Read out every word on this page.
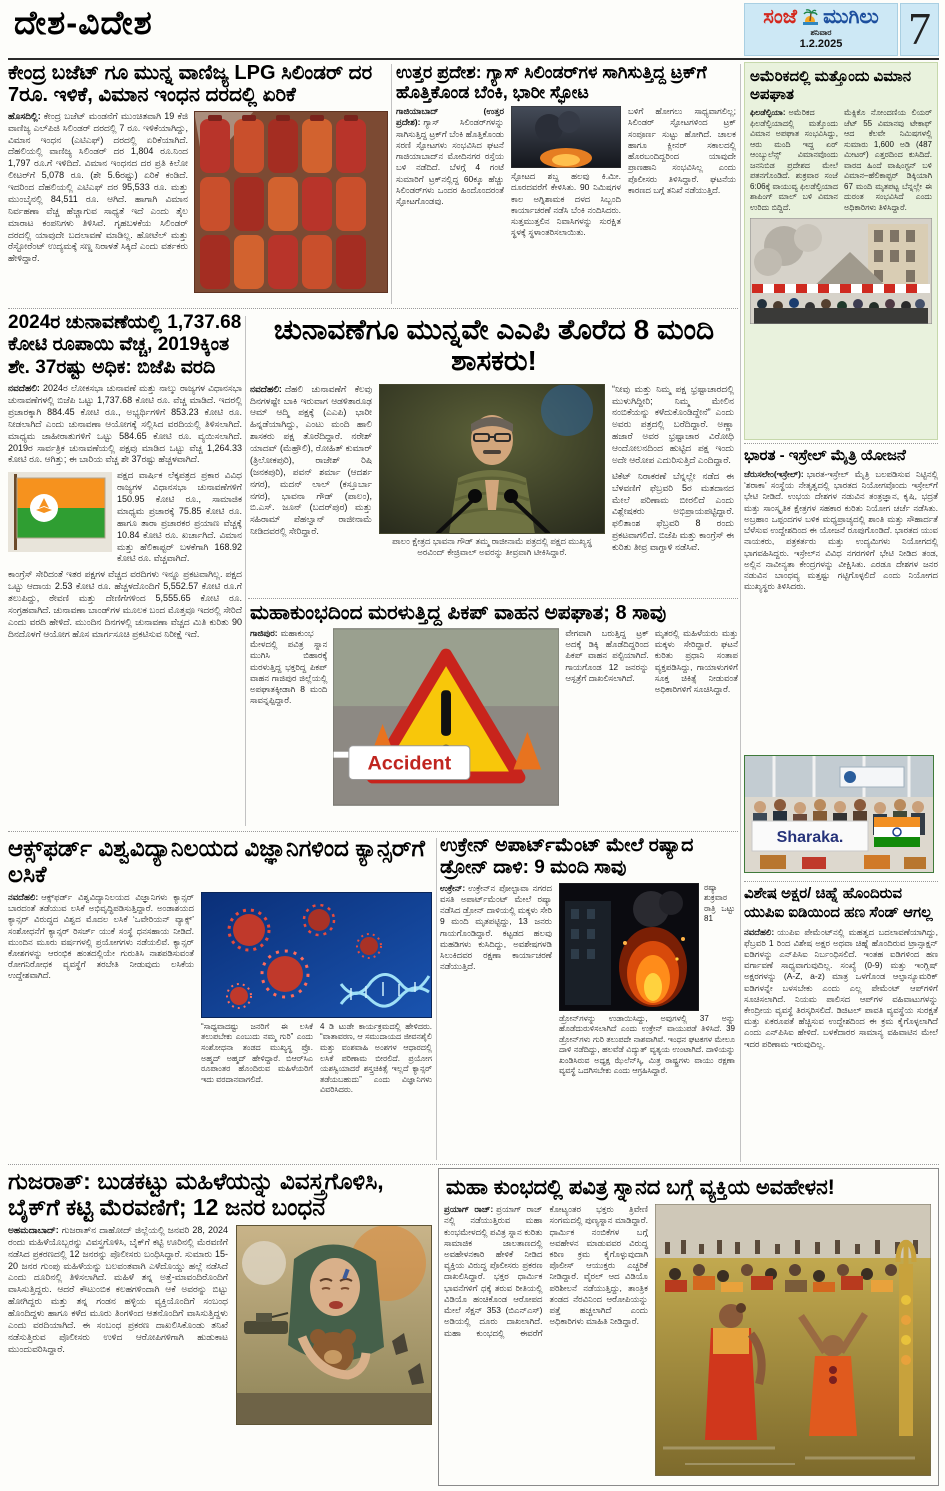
ದೇಶ-ವಿದೇಶ	ಸಂಜೆ ಮುಗಿಲು
ಶನಿವಾರ
1.2.2025	7
ಕೇಂದ್ರ ಬಜೆಟ್ ಗೂ ಮುನ್ನ ವಾಣಿಜ್ಯ LPG ಸಿಲಿಂಡರ್ ದರ 7ರೂ. ಇಳಿಕೆ, ವಿಮಾನ ಇಂಧನ ದರದಲ್ಲಿ ಏರಿಕೆ
ಹೊಸದಿಲ್ಲಿ: ಕೇಂದ್ರ ಬಜೆಟ್ ಮಂಡನೆಗೆ ಮುಂಚಿತವಾಗಿ 19 ಕೆಜಿ ವಾಣಿಜ್ಯ ಎಲ್‌ಪಿಜಿ ಸಿಲಿಂಡರ್ ದರದಲ್ಲಿ 7 ರೂ. ಇಳಿಕೆಯಾಗಿದ್ದು, ವಿಮಾನ ಇಂಧನ (ಎಟಿಎಫ್) ದರದಲ್ಲಿ ಏರಿಕೆಯಾಗಿದೆ. ದೆಹಲಿಯಲ್ಲಿ ವಾಣಿಜ್ಯ ಸಿಲಿಂಡರ್ ದರ 1,804 ರೂ.ನಿಂದ 1,797 ರೂ.ಗೆ ಇಳಿದಿದೆ. ವಿಮಾನ ಇಂಧನದ ದರ ಪ್ರತಿ ಕಿಲೋ ಲೀಟರ್‌ಗೆ 5,078 ರೂ. (ಶೇ 5.6ರಷ್ಟು) ಏರಿಕೆ ಕಂಡಿದೆ. ಇದರಿಂದ ದೆಹಲಿಯಲ್ಲಿ ಎಟಿಎಫ್ ದರ 95,533 ರೂ. ಮತ್ತು ಮುಂಬೈನಲ್ಲಿ 84,511 ರೂ. ಆಗಿದೆ. ಹಾಗಾಗಿ ವಿಮಾನ ನಿರ್ವಹಣಾ ವೆಚ್ಚ ಹೆಚ್ಚಾಗುವ ಸಾಧ್ಯತೆ ಇದೆ ಎಂದು ತೈಲ ಮಾರಾಟ ಕಂಪನಿಗಳು ತಿಳಿಸಿವೆ. ಗೃಹಬಳಕೆಯ ಸಿಲಿಂಡರ್ ದರದಲ್ಲಿ ಯಾವುದೇ ಬದಲಾವಣೆ ಮಾಡಿಲ್ಲ. ಹೋಟೆಲ್ ಮತ್ತು ರೆಸ್ಟೋರೆಂಟ್ ಉದ್ಯಮಕ್ಕೆ ಸಣ್ಣ ನಿರಾಳತೆ ಸಿಕ್ಕಿದೆ ಎಂದು ವರ್ತಕರು ಹೇಳಿದ್ದಾರೆ.
ಉತ್ತರ ಪ್ರದೇಶ: ಗ್ಯಾಸ್ ಸಿಲಿಂಡರ್‌ಗಳ ಸಾಗಿಸುತ್ತಿದ್ದ ಟ್ರಕ್‌ಗೆ ಹೊತ್ತಿಕೊಂಡ ಬೆಂಕಿ, ಭಾರೀ ಸ್ಫೋಟ
ಗಾಜಿಯಾಬಾದ್ (ಉತ್ತರ ಪ್ರದೇಶ): ಗ್ಯಾಸ್ ಸಿಲಿಂಡರ್‌ಗಳನ್ನು ಸಾಗಿಸುತ್ತಿದ್ದ ಟ್ರಕ್‌ಗೆ ಬೆಂಕಿ ಹೊತ್ತಿಕೊಂಡು ಸರಣಿ ಸ್ಫೋಟಗಳು ಸಂಭವಿಸಿದ ಘಟನೆ ಗಾಜಿಯಾಬಾದ್‌ನ ಮೋದಿನಗರ ರಸ್ತೆಯ ಬಳಿ ನಡೆದಿದೆ. ಬೆಳಗ್ಗೆ 4 ಗಂಟೆ ಸುಮಾರಿಗೆ ಟ್ರಕ್‌ನಲ್ಲಿದ್ದ 60ಕ್ಕೂ ಹೆಚ್ಚು ಸಿಲಿಂಡರ್‌ಗಳು ಒಂದರ ಹಿಂದೊಂದರಂತೆ ಸ್ಫೋಟಗೊಂಡವು.
ಸ್ಫೋಟದ ಶಬ್ದ ಹಲವು ಕಿ.ಮೀ. ದೂರದವರೆಗೆ ಕೇಳಿಸಿತು. 90 ನಿಮಿಷಗಳ ಕಾಲ ಅಗ್ನಿಶಾಮಕ ದಳದ ಸಿಬ್ಬಂದಿ ಕಾರ್ಯಾಚರಣೆ ನಡೆಸಿ ಬೆಂಕಿ ನಂದಿಸಿದರು. ಸುತ್ತಮುತ್ತಲಿನ ನಿವಾಸಿಗಳನ್ನು ಸುರಕ್ಷಿತ ಸ್ಥಳಕ್ಕೆ ಸ್ಥಳಾಂತರಿಸಲಾಯಿತು.
ಬಳಿಗೆ ಹೋಗಲು ಸಾಧ್ಯವಾಗಲಿಲ್ಲ; ಸಿಲಿಂಡರ್ ಸ್ಫೋಟಗಳಿಂದ ಟ್ರಕ್ ಸಂಪೂರ್ಣ ಸುಟ್ಟು ಹೋಗಿದೆ. ಚಾಲಕ ಹಾಗೂ ಕ್ಲೀನರ್ ಸಕಾಲದಲ್ಲಿ ಹೊರಬಂದಿದ್ದರಿಂದ ಯಾವುದೇ ಪ್ರಾಣಹಾನಿ ಸಂಭವಿಸಿಲ್ಲ ಎಂದು ಪೊಲೀಸರು ತಿಳಿಸಿದ್ದಾರೆ. ಘಟನೆಯ ಕಾರಣದ ಬಗ್ಗೆ ತನಿಖೆ ನಡೆಯುತ್ತಿದೆ.
ಅಮೆರಿಕದಲ್ಲಿ ಮತ್ತೊಂದು ವಿಮಾನ ಅಪಘಾತ
ಫಿಲಡೆಲ್ಫಿಯಾ: ಅಮೆರಿಕದ ಫಿಲಡೆಲ್ಫಿಯಾದಲ್ಲಿ ಮತ್ತೊಂದು ವಿಮಾನ ಅಪಘಾತ ಸಂಭವಿಸಿದ್ದು, ಆರು ಮಂದಿ ಇದ್ದ ಏರ್ ಆಂಬ್ಯುಲೆನ್ಸ್ ವಿಮಾನವೊಂದು ಜನನಿಬಿಡ ಪ್ರದೇಶದ ಮೇಲೆ ಪತನಗೊಂಡಿದೆ. ಶುಕ್ರವಾರ ಸಂಜೆ 6:06ಕ್ಕೆ ವಾಯುವ್ಯ ಫಿಲಡೆಲ್ಫಿಯಾದ ಶಾಪಿಂಗ್ ಮಾಲ್ ಬಳಿ ವಿಮಾನ ಉರಿದು ಬಿದ್ದಿದೆ.
ಮೆಕ್ಸಿಕೊ ನೋಂದಣಿಯ ಲಿಯರ್ ಜೆಟ್ 55 ವಿಮಾನವು ಟೇಕಾಫ್ ಆದ ಕೆಲವೇ ನಿಮಿಷಗಳಲ್ಲಿ ಸುಮಾರು 1,600 ಅಡಿ (487 ಮೀಟರ್) ಎತ್ತರದಿಂದ ಕುಸಿದಿದೆ. ವಾರದ ಹಿಂದೆ ವಾಷಿಂಗ್ಟನ್ ಬಳಿ ವಿಮಾನ–ಹೆಲಿಕಾಪ್ಟರ್ ಡಿಕ್ಕಿಯಾಗಿ 67 ಮಂದಿ ಮೃತಪಟ್ಟ ಬೆನ್ನಲ್ಲೇ ಈ ದುರಂತ ಸಂಭವಿಸಿದೆ ಎಂದು ಅಧಿಕಾರಿಗಳು ತಿಳಿಸಿದ್ದಾರೆ.
2024ರ ಚುನಾವಣೆಯಲ್ಲಿ 1,737.68 ಕೋಟಿ ರೂಪಾಯಿ ವೆಚ್ಚ, 2019ಕ್ಕಿಂತ ಶೇ. 37ರಷ್ಟು ಅಧಿಕ: ಬಿಜೆಪಿ ವರದಿ

ನವದೆಹಲಿ: 2024ರ ಲೋಕಸಭಾ ಚುನಾವಣೆ ಮತ್ತು ನಾಲ್ಕು ರಾಜ್ಯಗಳ ವಿಧಾನಸಭಾ ಚುನಾವಣೆಗಳಲ್ಲಿ ಬಿಜೆಪಿ ಒಟ್ಟು 1,737.68 ಕೋಟಿ ರೂ. ವೆಚ್ಚ ಮಾಡಿದೆ. ಇದರಲ್ಲಿ ಪ್ರಚಾರಕ್ಕಾಗಿ 884.45 ಕೋಟಿ ರೂ., ಅಭ್ಯರ್ಥಿಗಳಿಗೆ 853.23 ಕೋಟಿ ರೂ. ನೀಡಲಾಗಿದೆ ಎಂದು ಚುನಾವಣಾ ಆಯೋಗಕ್ಕೆ ಸಲ್ಲಿಸಿದ ವರದಿಯಲ್ಲಿ ತಿಳಿಸಲಾಗಿದೆ. ಮಾಧ್ಯಮ ಜಾಹೀರಾತುಗಳಿಗೆ ಒಟ್ಟು 584.65 ಕೋಟಿ ರೂ. ವ್ಯಯಿಸಲಾಗಿದೆ. 2019ರ ಸಾರ್ವತ್ರಿಕ ಚುನಾವಣೆಯಲ್ಲಿ ಪಕ್ಷವು ಮಾಡಿದ ಒಟ್ಟು ವೆಚ್ಚ 1,264.33 ಕೋಟಿ ರೂ. ಆಗಿತ್ತು; ಈ ಬಾರಿಯ ವೆಚ್ಚ ಶೇ 37ರಷ್ಟು ಹೆಚ್ಚಳವಾಗಿದೆ.

ಪಕ್ಷದ ವಾರ್ಷಿಕ ಲೆಕ್ಕಪತ್ರದ ಪ್ರಕಾರ ವಿವಿಧ ರಾಜ್ಯಗಳ ವಿಧಾನಸಭಾ ಚುನಾವಣೆಗಳಿಗೆ 150.95 ಕೋಟಿ ರೂ., ಸಾಮಾಜಿಕ ಮಾಧ್ಯಮ ಪ್ರಚಾರಕ್ಕೆ 75.85 ಕೋಟಿ ರೂ. ಹಾಗೂ ತಾರಾ ಪ್ರಚಾರಕರ ಪ್ರಯಾಣ ವೆಚ್ಚಕ್ಕೆ 10.84 ಕೋಟಿ ರೂ. ಖರ್ಚಾಗಿದೆ. ವಿಮಾನ ಮತ್ತು ಹೆಲಿಕಾಪ್ಟರ್ ಬಳಕೆಗಾಗಿ 168.92 ಕೋಟಿ ರೂ. ವೆಚ್ಚವಾಗಿದೆ.

ಕಾಂಗ್ರೆಸ್ ಸೇರಿದಂತೆ ಇತರ ಪಕ್ಷಗಳ ವೆಚ್ಚದ ವರದಿಗಳು ಇನ್ನೂ ಪ್ರಕಟವಾಗಿಲ್ಲ. ಪಕ್ಷದ ಒಟ್ಟು ಆದಾಯ 2.53 ಕೋಟಿ ರೂ. ಹೆಚ್ಚಳದೊಂದಿಗೆ 5,552.57 ಕೋಟಿ ರೂ.ಗೆ ತಲುಪಿದ್ದು, ಠೇವಣಿ ಮತ್ತು ದೇಣಿಗೆಗಳಿಂದ 5,555.65 ಕೋಟಿ ರೂ. ಸಂಗ್ರಹವಾಗಿದೆ. ಚುನಾವಣಾ ಬಾಂಡ್‌ಗಳ ಮೂಲಕ ಬಂದ ಮೊತ್ತವೂ ಇದರಲ್ಲಿ ಸೇರಿದೆ ಎಂದು ವರದಿ ಹೇಳಿದೆ. ಮುಂದಿನ ದಿನಗಳಲ್ಲಿ ಚುನಾವಣಾ ವೆಚ್ಚದ ಮಿತಿ ಕುರಿತು 90 ದಿನದೊಳಗೆ ಆಯೋಗ ಹೊಸ ಮಾರ್ಗಸೂಚಿ ಪ್ರಕಟಿಸುವ ನಿರೀಕ್ಷೆ ಇದೆ.

ಚುನಾವಣೆಗೂ ಮುನ್ನವೇ ಎಎಪಿ ತೊರೆದ 8 ಮಂದಿ ಶಾಸಕರು!
ನವದೆಹಲಿ: ದೆಹಲಿ ಚುನಾವಣೆಗೆ ಕೆಲವು ದಿನಗಳಷ್ಟೇ ಬಾಕಿ ಇರುವಾಗ ಆಡಳಿತಾರೂಢ ಆಮ್ ಆದ್ಮಿ ಪಕ್ಷಕ್ಕೆ (ಎಎಪಿ) ಭಾರೀ ಹಿನ್ನಡೆಯಾಗಿದ್ದು, ಎಂಟು ಮಂದಿ ಹಾಲಿ ಶಾಸಕರು ಪಕ್ಷ ತೊರೆದಿದ್ದಾರೆ. ನರೇಶ್ ಯಾದವ್ (ಮೆಹ್ರೌಲಿ), ರೋಹಿತ್ ಕುಮಾರ್ (ತ್ರಿಲೋಕಪುರಿ), ರಾಜೇಶ್ ರಿಷಿ (ಜನಕಪುರಿ), ಪವನ್ ಶರ್ಮಾ (ಆದರ್ಶ ನಗರ), ಮದನ್ ಲಾಲ್ (ಕಸ್ತೂರ್ಬಾ ನಗರ), ಭಾವನಾ ಗೌಡ್ (ಪಾಲಂ), ಬಿ.ಎಸ್. ಜೂನ್ (ಬದರ್‌ಪುರ) ಮತ್ತು ಸಹಿರಾಮ್ ಪೆಹಲ್ವಾನ್ ರಾಜೀನಾಮೆ ನೀಡಿದವರಲ್ಲಿ ಸೇರಿದ್ದಾರೆ.
ಪಾಲಂ ಕ್ಷೇತ್ರದ ಭಾವನಾ ಗೌಡ್ ತಮ್ಮ ರಾಜೀನಾಮೆ ಪತ್ರದಲ್ಲಿ ಪಕ್ಷದ ಮುಖ್ಯಸ್ಥ ಅರವಿಂದ್ ಕೇಜ್ರಿವಾಲ್ ಅವರನ್ನು ತೀವ್ರವಾಗಿ ಟೀಕಿಸಿದ್ದಾರೆ.

“ನೀವು ಮತ್ತು ನಿಮ್ಮ ಪಕ್ಷ ಭ್ರಷ್ಟಾಚಾರದಲ್ಲಿ ಮುಳುಗಿದ್ದೀರಿ; ನಿಮ್ಮ ಮೇಲಿನ ನಂಬಿಕೆಯನ್ನು ಕಳೆದುಕೊಂಡಿದ್ದೇನೆ” ಎಂದು ಅವರು ಪತ್ರದಲ್ಲಿ ಬರೆದಿದ್ದಾರೆ. ಅಣ್ಣಾ ಹಜಾರೆ ಅವರ ಭ್ರಷ್ಟಾಚಾರ ವಿರೋಧಿ ಆಂದೋಲನದಿಂದ ಹುಟ್ಟಿದ ಪಕ್ಷ ಇಂದು ಅದೇ ಆರೋಪ ಎದುರಿಸುತ್ತಿದೆ ಎಂದಿದ್ದಾರೆ.

ಟಿಕೆಟ್ ನಿರಾಕರಣೆ ಬೆನ್ನಲ್ಲೇ ನಡೆದ ಈ ಬೆಳವಣಿಗೆ ಫೆಬ್ರವರಿ 5ರ ಮತದಾನದ ಮೇಲೆ ಪರಿಣಾಮ ಬೀರಲಿದೆ ಎಂದು ವಿಶ್ಲೇಷಕರು ಅಭಿಪ್ರಾಯಪಟ್ಟಿದ್ದಾರೆ. ಫಲಿತಾಂಶ ಫೆಬ್ರವರಿ 8 ರಂದು ಪ್ರಕಟವಾಗಲಿದೆ. ಬಿಜೆಪಿ ಮತ್ತು ಕಾಂಗ್ರೆಸ್ ಈ ಕುರಿತು ತೀವ್ರ ವಾಗ್ದಾಳಿ ನಡೆಸಿವೆ.

ಮಹಾಕುಂಭದಿಂದ ಮರಳುತ್ತಿದ್ದ ಪಿಕಪ್ ವಾಹನ ಅಪಘಾತ; 8 ಸಾವು
ಗಾಜಿಪುರ: ಮಹಾಕುಂಭ ಮೇಳದಲ್ಲಿ ಪವಿತ್ರ ಸ್ನಾನ ಮುಗಿಸಿ ಬಿಹಾರಕ್ಕೆ ಮರಳುತ್ತಿದ್ದ ಭಕ್ತರಿದ್ದ ಪಿಕಪ್ ವಾಹನ ಗಾಜಿಪುರ ಜಿಲ್ಲೆಯಲ್ಲಿ ಅಪಘಾತಕ್ಕೀಡಾಗಿ 8 ಮಂದಿ ಸಾವನ್ನಪ್ಪಿದ್ದಾರೆ.
Accident
ವೇಗವಾಗಿ ಬರುತ್ತಿದ್ದ ಟ್ರಕ್ ಅದಕ್ಕೆ ಡಿಕ್ಕಿ ಹೊಡೆದಿದ್ದರಿಂದ ಪಿಕಪ್ ವಾಹನ ಪಲ್ಟಿಯಾಗಿದೆ. ಗಾಯಗೊಂಡ 12 ಜನರನ್ನು ಆಸ್ಪತ್ರೆಗೆ ದಾಖಲಿಸಲಾಗಿದೆ.
ಮೃತರಲ್ಲಿ ಮಹಿಳೆಯರು ಮತ್ತು ಮಕ್ಕಳು ಸೇರಿದ್ದಾರೆ. ಘಟನೆ ಕುರಿತು ಪ್ರಧಾನಿ ಸಂತಾಪ ವ್ಯಕ್ತಪಡಿಸಿದ್ದು, ಗಾಯಾಳುಗಳಿಗೆ ಸೂಕ್ತ ಚಿಕಿತ್ಸೆ ನೀಡುವಂತೆ ಅಧಿಕಾರಿಗಳಿಗೆ ಸೂಚಿಸಿದ್ದಾರೆ.
ಭಾರತ - ಇಸ್ರೇಲ್ ಮೈತ್ರಿ ಯೋಜನೆ
ಜೆರುಸಲೇಂ(ಇಸ್ರೇಲ್): ಭಾರತ-ಇಸ್ರೇಲ್ ಮೈತ್ರಿ ಬಲಪಡಿಸುವ ನಿಟ್ಟಿನಲ್ಲಿ ‘ಶರಾಕಾ’ ಸಂಸ್ಥೆಯ ನೇತೃತ್ವದಲ್ಲಿ ಭಾರತದ ನಿಯೋಗವೊಂದು ಇಸ್ರೇಲ್‌ಗೆ ಭೇಟಿ ನೀಡಿದೆ. ಉಭಯ ದೇಶಗಳ ನಡುವಿನ ತಂತ್ರಜ್ಞಾನ, ಕೃಷಿ, ಭದ್ರತೆ ಮತ್ತು ಸಾಂಸ್ಕೃತಿಕ ಕ್ಷೇತ್ರಗಳ ಸಹಕಾರ ಕುರಿತು ನಿಯೋಗ ಚರ್ಚೆ ನಡೆಸಿತು. ಅಬ್ರಹಾಂ ಒಪ್ಪಂದಗಳ ಬಳಿಕ ಮಧ್ಯಪ್ರಾಚ್ಯದಲ್ಲಿ ಶಾಂತಿ ಮತ್ತು ಸೌಹಾರ್ದತೆ ಬೆಳೆಸುವ ಉದ್ದೇಶದಿಂದ ಈ ಯೋಜನೆ ರೂಪುಗೊಂಡಿದೆ. ಭಾರತದ ಯುವ ನಾಯಕರು, ಪತ್ರಕರ್ತರು ಮತ್ತು ಉದ್ಯಮಿಗಳು ನಿಯೋಗದಲ್ಲಿ ಭಾಗವಹಿಸಿದ್ದರು. ಇಸ್ರೇಲ್‌ನ ವಿವಿಧ ನಗರಗಳಿಗೆ ಭೇಟಿ ನೀಡಿದ ತಂಡ, ಅಲ್ಲಿನ ನಾವೀನ್ಯತಾ ಕೇಂದ್ರಗಳನ್ನು ವೀಕ್ಷಿಸಿತು. ಎರಡೂ ದೇಶಗಳ ಜನರ ನಡುವಿನ ಬಾಂಧವ್ಯ ಮತ್ತಷ್ಟು ಗಟ್ಟಿಗೊಳ್ಳಲಿದೆ ಎಂದು ನಿಯೋಗದ ಮುಖ್ಯಸ್ಥರು ತಿಳಿಸಿದರು.
Sharaka.
ಆಕ್ಸ್‌ಫರ್ಡ್ ವಿಶ್ವವಿದ್ಯಾನಿಲಯದ ವಿಜ್ಞಾನಿಗಳಿಂದ ಕ್ಯಾನ್ಸರ್‌ಗೆ ಲಸಿಕೆ
ನವದೆಹಲಿ: ಆಕ್ಸ್‌ಫರ್ಡ್ ವಿಶ್ವವಿದ್ಯಾನಿಲಯದ ವಿಜ್ಞಾನಿಗಳು ಕ್ಯಾನ್ಸರ್ ಬಾರದಂತೆ ತಡೆಯುವ ಲಸಿಕೆ ಅಭಿವೃದ್ಧಿಪಡಿಸುತ್ತಿದ್ದಾರೆ. ಅಂಡಾಶಯದ ಕ್ಯಾನ್ಸರ್ ವಿರುದ್ಧದ ವಿಶ್ವದ ಮೊದಲ ಲಸಿಕೆ ‘ಒವೇರಿಯನ್ ವ್ಯಾಕ್ಸ್’ ಸಂಶೋಧನೆಗೆ ಕ್ಯಾನ್ಸರ್ ರಿಸರ್ಚ್ ಯುಕೆ ಸಂಸ್ಥೆ ಧನಸಹಾಯ ನೀಡಿದೆ. ಮುಂದಿನ ಮೂರು ವರ್ಷಗಳಲ್ಲಿ ಪ್ರಯೋಗಗಳು ನಡೆಯಲಿವೆ. ಕ್ಯಾನ್ಸರ್ ಕೋಶಗಳನ್ನು ಆರಂಭಿಕ ಹಂತದಲ್ಲಿಯೇ ಗುರುತಿಸಿ ನಾಶಪಡಿಸುವಂತೆ ರೋಗನಿರೋಧಕ ವ್ಯವಸ್ಥೆಗೆ ತರಬೇತಿ ನೀಡುವುದು ಲಸಿಕೆಯ ಉದ್ದೇಶವಾಗಿದೆ.
“ಸಾಧ್ಯವಾದಷ್ಟು ಜನರಿಗೆ ಈ ಲಸಿಕೆ ತಲುಪಬೇಕು ಎಂಬುದು ನಮ್ಮ ಗುರಿ” ಎಂದು ಸಂಶೋಧನಾ ತಂಡದ ಮುಖ್ಯಸ್ಥ ಪ್ರೊ. ಅಹ್ಮದ್ ಅಹ್ಮದ್ ಹೇಳಿದ್ದಾರೆ. ಬಿಆರ್‌ಸಿಎ ರೂಪಾಂತರ ಹೊಂದಿರುವ ಮಹಿಳೆಯರಿಗೆ ಇದು ವರದಾನವಾಗಲಿದೆ.
4 ಡಿ ಟುಡೇ ಕಾರ್ಯಕ್ರಮದಲ್ಲಿ ಹೇಳಿದರು. “ವಾತಾವರಣ, ಆ ಸಮುದಾಯದ ಜೀವನಶೈಲಿ ಮತ್ತು ವಂಶವಾಹಿ ಅಂಶಗಳ ಆಧಾರದಲ್ಲಿ ಲಸಿಕೆ ಪರಿಣಾಮ ಬೀರಲಿದೆ. ಪ್ರಯೋಗ ಯಶಸ್ವಿಯಾದರೆ ಶಸ್ತ್ರಚಿಕಿತ್ಸೆ ಇಲ್ಲದೆ ಕ್ಯಾನ್ಸರ್ ತಡೆಯಬಹುದು” ಎಂದು ವಿಜ್ಞಾನಿಗಳು ವಿವರಿಸಿದರು.
ಉಕ್ರೇನ್ ಅಪಾರ್ಟ್‌ಮೆಂಟ್ ಮೇಲೆ ರಷ್ಯಾದ ಡ್ರೋನ್ ದಾಳಿ: 9 ಮಂದಿ ಸಾವು
ಉಕ್ರೇನ್: ಉಕ್ರೇನ್‌ನ ಪೋಲ್ಟಾವಾ ನಗರದ ವಸತಿ ಅಪಾರ್ಟ್‌ಮೆಂಟ್ ಮೇಲೆ ರಷ್ಯಾ ನಡೆಸಿದ ಡ್ರೋನ್ ದಾಳಿಯಲ್ಲಿ ಮಕ್ಕಳು ಸೇರಿ 9 ಮಂದಿ ಮೃತಪಟ್ಟಿದ್ದು, 13 ಜನರು ಗಾಯಗೊಂಡಿದ್ದಾರೆ. ಕಟ್ಟಡದ ಹಲವು ಮಹಡಿಗಳು ಕುಸಿದಿದ್ದು, ಅವಶೇಷಗಳಡಿ ಸಿಲುಕಿದವರ ರಕ್ಷಣಾ ಕಾರ್ಯಾಚರಣೆ ನಡೆಯುತ್ತಿದೆ.
ರಷ್ಯಾ ಶುಕ್ರವಾರ ರಾತ್ರಿ ಒಟ್ಟು 81 ಡ್ರೋನ್‌ಗಳನ್ನು ಉಡಾಯಿಸಿದ್ದು, ಅವುಗಳಲ್ಲಿ 37 ಅನ್ನು ಹೊಡೆದುರುಳಿಸಲಾಗಿದೆ ಎಂದು ಉಕ್ರೇನ್ ವಾಯುಪಡೆ ತಿಳಿಸಿದೆ. 39 ಡ್ರೋನ್‌ಗಳು ಗುರಿ ತಲುಪದೇ ನಾಶವಾಗಿವೆ. ಇಂಧನ ಘಟಕಗಳ ಮೇಲೂ ದಾಳಿ ನಡೆದಿದ್ದು, ಹಲವೆಡೆ ವಿದ್ಯುತ್ ವ್ಯತ್ಯಯ ಉಂಟಾಗಿದೆ. ದಾಳಿಯನ್ನು ಖಂಡಿಸಿರುವ ಅಧ್ಯಕ್ಷ ಝೆಲೆನ್‌ಸ್ಕಿ, ಮಿತ್ರ ರಾಷ್ಟ್ರಗಳು ವಾಯು ರಕ್ಷಣಾ ವ್ಯವಸ್ಥೆ ಒದಗಿಸಬೇಕು ಎಂದು ಆಗ್ರಹಿಸಿದ್ದಾರೆ.
ವಿಶೇಷ ಅಕ್ಷರ/ ಚಿಹ್ನೆ ಹೊಂದಿರುವ ಯುಪಿಐ ಐಡಿಯಿಂದ ಹಣ ಸೆಂಡ್ ಆಗಲ್ಲ
ನವದೆಹಲಿ: ಯುಪಿಐ ಪೇಮೆಂಟ್‌ನಲ್ಲಿ ಮಹತ್ವದ ಬದಲಾವಣೆಯಾಗಿದ್ದು, ಫೆಬ್ರವರಿ 1 ರಿಂದ ವಿಶೇಷ ಅಕ್ಷರ ಅಥವಾ ಚಿಹ್ನೆ ಹೊಂದಿರುವ ಟ್ರಾನ್ಸಾಕ್ಷನ್ ಐಡಿಗಳನ್ನು ಎನ್‌ಪಿಸಿಐ ನಿರ್ಬಂಧಿಸಲಿದೆ. ಇಂತಹ ಐಡಿಗಳಿಂದ ಹಣ ವರ್ಗಾವಣೆ ಸಾಧ್ಯವಾಗುವುದಿಲ್ಲ. ಸಂಖ್ಯೆ (0-9) ಮತ್ತು ಇಂಗ್ಲಿಷ್ ಅಕ್ಷರಗಳನ್ನು (A-Z, a-z) ಮಾತ್ರ ಒಳಗೊಂಡ ಆಲ್ಫಾನ್ಯೂಮರಿಕ್ ಐಡಿಗಳನ್ನೇ ಬಳಸಬೇಕು ಎಂದು ಎಲ್ಲ ಪೇಮೆಂಟ್ ಆಪ್‌ಗಳಿಗೆ ಸೂಚಿಸಲಾಗಿದೆ. ನಿಯಮ ಪಾಲಿಸದ ಆಪ್‌ಗಳ ವಹಿವಾಟುಗಳನ್ನು ಕೇಂದ್ರೀಯ ವ್ಯವಸ್ಥೆ ತಿರಸ್ಕರಿಸಲಿದೆ. ಡಿಜಿಟಲ್ ಪಾವತಿ ವ್ಯವಸ್ಥೆಯ ಸುರಕ್ಷತೆ ಮತ್ತು ಏಕರೂಪತೆ ಹೆಚ್ಚಿಸುವ ಉದ್ದೇಶದಿಂದ ಈ ಕ್ರಮ ಕೈಗೊಳ್ಳಲಾಗಿದೆ ಎಂದು ಎನ್‌ಪಿಸಿಐ ಹೇಳಿದೆ. ಬಳಕೆದಾರರ ಸಾಮಾನ್ಯ ವಹಿವಾಟಿನ ಮೇಲೆ ಇದರ ಪರಿಣಾಮ ಇರುವುದಿಲ್ಲ.
ಗುಜರಾತ್: ಬುಡಕಟ್ಟು ಮಹಿಳೆಯನ್ನು ವಿವಸ್ತ್ರಗೊಳಿಸಿ, ಬೈಕ್‌ಗೆ ಕಟ್ಟಿ ಮೆರವಣಿಗೆ; 12 ಜನರ ಬಂಧನ
ಅಹಮದಾಬಾದ್: ಗುಜರಾತ್‌ನ ದಾಹೋದ್ ಜಿಲ್ಲೆಯಲ್ಲಿ ಜನವರಿ 28, 2024 ರಂದು ಮಹಿಳೆಯೊಬ್ಬರನ್ನು ವಿವಸ್ತ್ರಗೊಳಿಸಿ, ಬೈಕ್‌ಗೆ ಕಟ್ಟಿ ಊರಿನಲ್ಲಿ ಮೆರವಣಿಗೆ ನಡೆಸಿದ ಪ್ರಕರಣದಲ್ಲಿ 12 ಜನರನ್ನು ಪೊಲೀಸರು ಬಂಧಿಸಿದ್ದಾರೆ. ಸುಮಾರು 15-20 ಜನರ ಗುಂಪು ಮಹಿಳೆಯನ್ನು ಬಲವಂತವಾಗಿ ಎಳೆದೊಯ್ದು ಹಲ್ಲೆ ನಡೆಸಿದೆ ಎಂದು ದೂರಿನಲ್ಲಿ ತಿಳಿಸಲಾಗಿದೆ. ಮಹಿಳೆ ತನ್ನ ಅತ್ತೆ-ಮಾವಂದಿರೊಂದಿಗೆ ವಾಸಿಸುತ್ತಿದ್ದರು. ಆದರೆ ಕೌಟುಂಬಿಕ ಕಲಹಗಳಿಂದಾಗಿ ಆಕೆ ಅವರನ್ನು ಬಿಟ್ಟು ಹೋಗಿದ್ದರು ಮತ್ತು ತನ್ನ ಗಂಡನ ಹಳ್ಳಿಯ ವ್ಯಕ್ತಿಯೊಂದಿಗೆ ಸಂಬಂಧ ಹೊಂದಿದ್ದಳು ಹಾಗೂ ಕಳೆದ ಮೂರು ತಿಂಗಳಿಂದ ಆತನೊಂದಿಗೆ ವಾಸಿಸುತ್ತಿದ್ದಳು ಎಂದು ವರದಿಯಾಗಿದೆ. ಈ ಸಂಬಂಧ ಪ್ರಕರಣ ದಾಖಲಿಸಿಕೊಂಡು ತನಿಖೆ ನಡೆಸುತ್ತಿರುವ ಪೊಲೀಸರು ಉಳಿದ ಆರೋಪಿಗಳಿಗಾಗಿ ಹುಡುಕಾಟ ಮುಂದುವರಿಸಿದ್ದಾರೆ.
ಮಹಾ ಕುಂಭದಲ್ಲಿ ಪವಿತ್ರ ಸ್ನಾನದ ಬಗ್ಗೆ ವ್ಯಕ್ತಿಯ ಅವಹೇಳನ!
ಪ್ರಯಾಗ್ ರಾಜ್: ಪ್ರಯಾಗ್ ರಾಜ್ ನಲ್ಲಿ ನಡೆಯುತ್ತಿರುವ ಮಹಾ ಕುಂಭಮೇಳದಲ್ಲಿ ಪವಿತ್ರ ಸ್ನಾನ ಕುರಿತು ಸಾಮಾಜಿಕ ಜಾಲತಾಣದಲ್ಲಿ ಅವಹೇಳನಕಾರಿ ಹೇಳಿಕೆ ನೀಡಿದ ವ್ಯಕ್ತಿಯ ವಿರುದ್ಧ ಪೊಲೀಸರು ಪ್ರಕರಣ ದಾಖಲಿಸಿದ್ದಾರೆ. ಭಕ್ತರ ಧಾರ್ಮಿಕ ಭಾವನೆಗಳಿಗೆ ಧಕ್ಕೆ ತರುವ ರೀತಿಯಲ್ಲಿ ವಿಡಿಯೊ ಹಂಚಿಕೊಂಡ ಆರೋಪದ ಮೇಲೆ ಸೆಕ್ಷನ್ 353 (ಬಿಎನ್‌ಎಸ್) ಅಡಿಯಲ್ಲಿ ದೂರು ದಾಖಲಾಗಿದೆ. ಮಹಾ ಕುಂಭದಲ್ಲಿ ಈವರೆಗೆ ಕೋಟ್ಯಂತರ ಭಕ್ತರು ತ್ರಿವೇಣಿ ಸಂಗಮದಲ್ಲಿ ಪುಣ್ಯಸ್ನಾನ ಮಾಡಿದ್ದಾರೆ. ಧಾರ್ಮಿಕ ನಂಬಿಕೆಗಳ ಬಗ್ಗೆ ಅವಹೇಳನ ಮಾಡುವವರ ವಿರುದ್ಧ ಕಠಿಣ ಕ್ರಮ ಕೈಗೊಳ್ಳುವುದಾಗಿ ಪೊಲೀಸ್ ಆಯುಕ್ತರು ಎಚ್ಚರಿಕೆ ನೀಡಿದ್ದಾರೆ. ವೈರಲ್ ಆದ ವಿಡಿಯೊ ಪರಿಶೀಲನೆ ನಡೆಯುತ್ತಿದ್ದು, ತಾಂತ್ರಿಕ ತಂಡದ ನೆರವಿನಿಂದ ಆರೋಪಿಯನ್ನು ಪತ್ತೆ ಹಚ್ಚಲಾಗಿದೆ ಎಂದು ಅಧಿಕಾರಿಗಳು ಮಾಹಿತಿ ನೀಡಿದ್ದಾರೆ.
